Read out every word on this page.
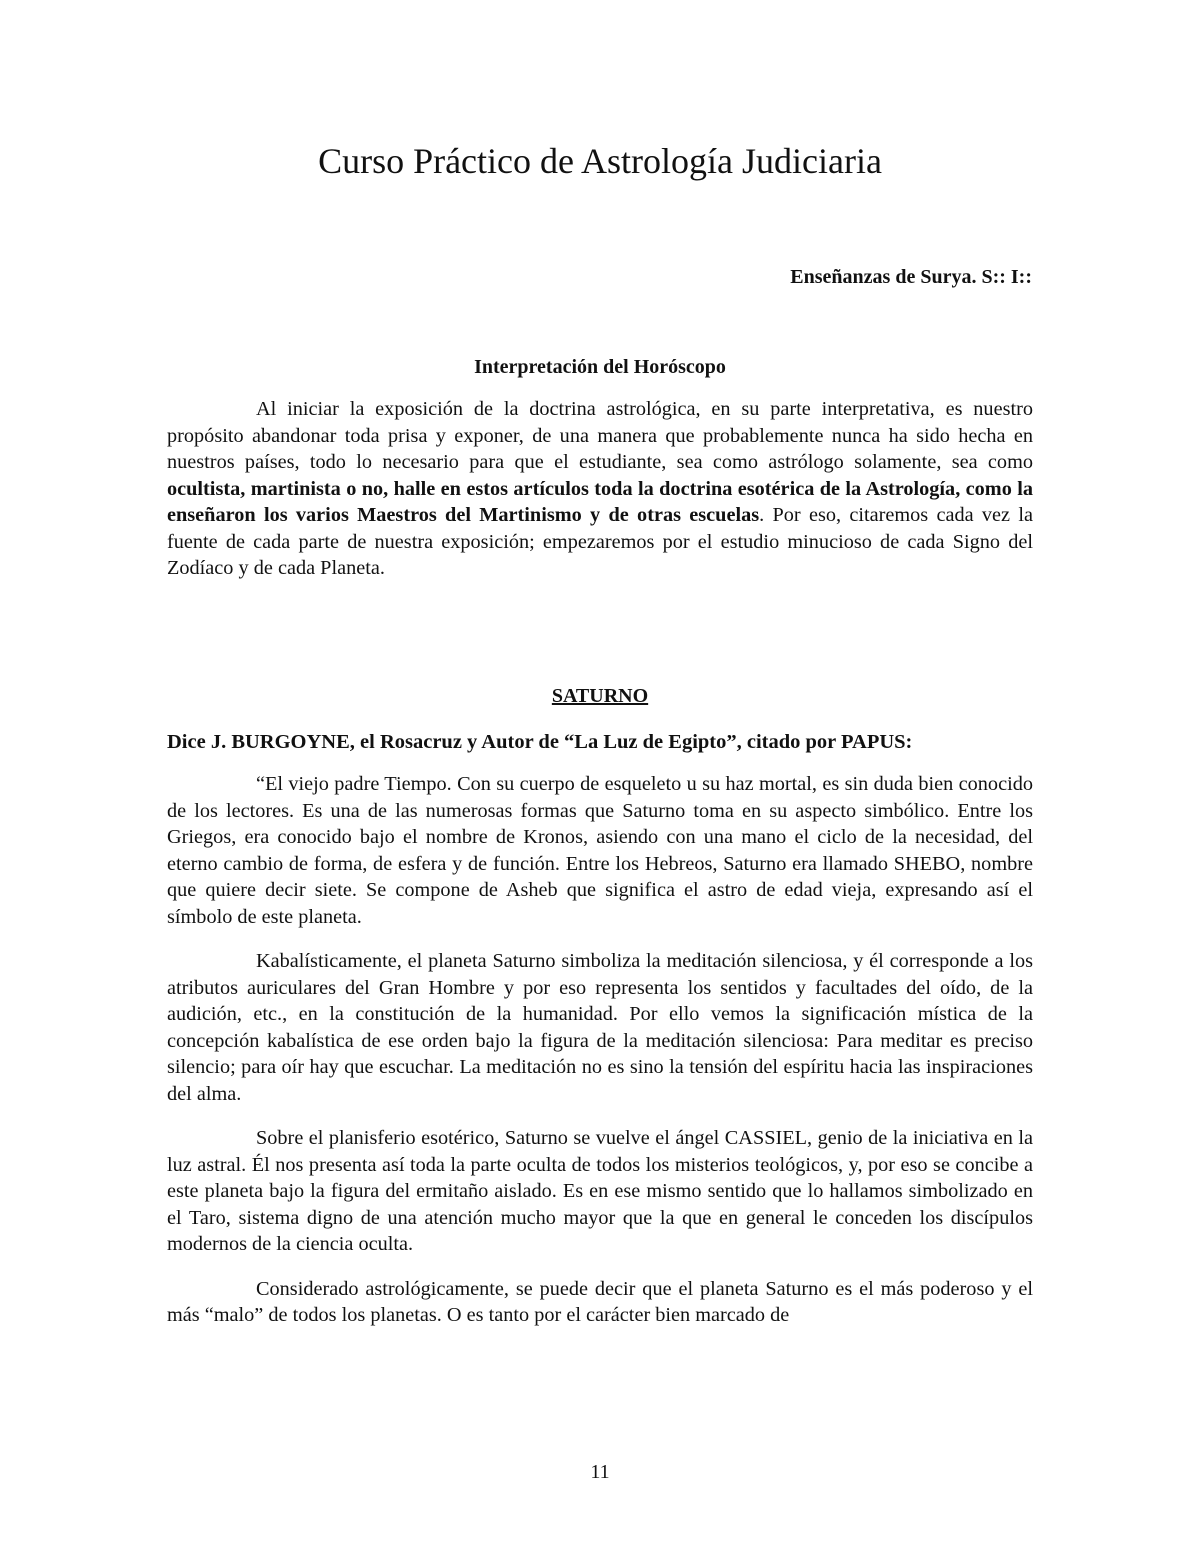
Curso Práctico de Astrología Judiciaria

Enseñanzas de Surya. S:: I::

Interpretación del Horóscopo

Al iniciar la exposición de la doctrina astrológica, en su parte interpretativa, es nuestro propósito abandonar toda prisa y exponer, de una manera que probablemente nunca ha sido hecha en nuestros países, todo lo necesario para que el estudiante, sea como astrólogo solamente, sea como ocultista, martinista o no, halle en estos artículos toda la doctrina esotérica de la Astrología, como la enseñaron los varios Maestros del Martinismo y de otras escuelas. Por eso, citaremos cada vez la fuente de cada parte de nuestra exposición; empezaremos por el estudio minucioso de cada Signo del Zodíaco y de cada Planeta.

SATURNO

Dice J. BURGOYNE, el Rosacruz y Autor de “La Luz de Egipto”, citado por PAPUS:

“El viejo padre Tiempo. Con su cuerpo de esqueleto u su haz mortal, es sin duda bien conocido de los lectores. Es una de las numerosas formas que Saturno toma en su aspecto simbólico. Entre los Griegos, era conocido bajo el nombre de Kronos, asiendo con una mano el ciclo de la necesidad, del eterno cambio de forma, de esfera y de función. Entre los Hebreos, Saturno era llamado SHEBO, nombre que quiere decir siete. Se compone de Asheb que significa el astro de edad vieja, expresando así el símbolo de este planeta.

Kabalísticamente, el planeta Saturno simboliza la meditación silenciosa, y él corresponde a los atributos auriculares del Gran Hombre y por eso representa los sentidos y facultades del oído, de la audición, etc., en la constitución de la humanidad. Por ello vemos la significación mística de la concepción kabalística de ese orden bajo la figura de la meditación silenciosa: Para meditar es preciso silencio; para oír hay que escuchar. La meditación no es sino la tensión del espíritu hacia las inspiraciones del alma.

Sobre el planisferio esotérico, Saturno se vuelve el ángel CASSIEL, genio de la iniciativa en la luz astral. Él nos presenta así toda la parte oculta de todos los misterios teológicos, y, por eso se concibe a este planeta bajo la figura del ermitaño aislado. Es en ese mismo sentido que lo hallamos simbolizado en el Taro, sistema digno de una atención mucho mayor que la que en general le conceden los discípulos modernos de la ciencia oculta.

Considerado astrológicamente, se puede decir que el planeta Saturno es el más poderoso y el más “malo” de todos los planetas. O es tanto por el carácter bien marcado de

11
